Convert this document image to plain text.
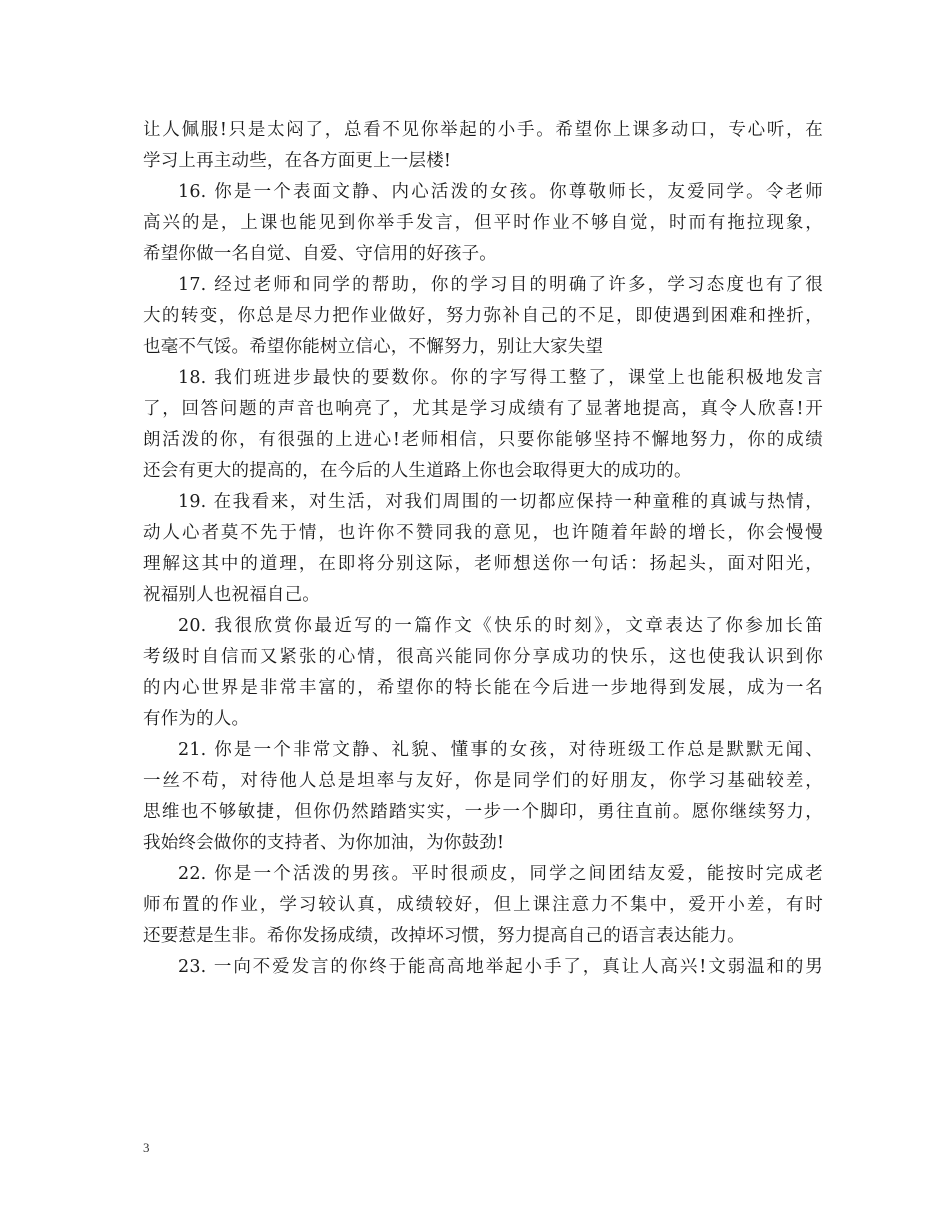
让人佩服!只是太闷了，总看不见你举起的小手。希望你上课多动口，专心听，在
学习上再主动些，在各方面更上一层楼!
16. 你是一个表面文静、内心活泼的女孩。你尊敬师长，友爱同学。令老师
高兴的是，上课也能见到你举手发言，但平时作业不够自觉，时而有拖拉现象，
希望你做一名自觉、自爱、守信用的好孩子。
17. 经过老师和同学的帮助，你的学习目的明确了许多，学习态度也有了很
大的转变，你总是尽力把作业做好，努力弥补自己的不足，即使遇到困难和挫折，
也毫不气馁。希望你能树立信心，不懈努力，别让大家失望
18. 我们班进步最快的要数你。你的字写得工整了，课堂上也能积极地发言
了，回答问题的声音也响亮了，尤其是学习成绩有了显著地提高，真令人欣喜!开
朗活泼的你，有很强的上进心!老师相信，只要你能够坚持不懈地努力，你的成绩
还会有更大的提高的，在今后的人生道路上你也会取得更大的成功的。
19. 在我看来，对生活，对我们周围的一切都应保持一种童稚的真诚与热情，
动人心者莫不先于情，也许你不赞同我的意见，也许随着年龄的增长，你会慢慢
理解这其中的道理，在即将分别这际，老师想送你一句话：扬起头，面对阳光，
祝福别人也祝福自己。
20. 我很欣赏你最近写的一篇作文《快乐的时刻》，文章表达了你参加长笛
考级时自信而又紧张的心情，很高兴能同你分享成功的快乐，这也使我认识到你
的内心世界是非常丰富的，希望你的特长能在今后进一步地得到发展，成为一名
有作为的人。
21. 你是一个非常文静、礼貌、懂事的女孩，对待班级工作总是默默无闻、
一丝不苟，对待他人总是坦率与友好，你是同学们的好朋友，你学习基础较差，
思维也不够敏捷，但你仍然踏踏实实，一步一个脚印，勇往直前。愿你继续努力，
我始终会做你的支持者、为你加油，为你鼓劲!
22. 你是一个活泼的男孩。平时很顽皮，同学之间团结友爱，能按时完成老
师布置的作业，学习较认真，成绩较好，但上课注意力不集中，爱开小差，有时
还要惹是生非。希你发扬成绩，改掉坏习惯，努力提高自己的语言表达能力。
23. 一向不爱发言的你终于能高高地举起小手了，真让人高兴!文弱温和的男
3
